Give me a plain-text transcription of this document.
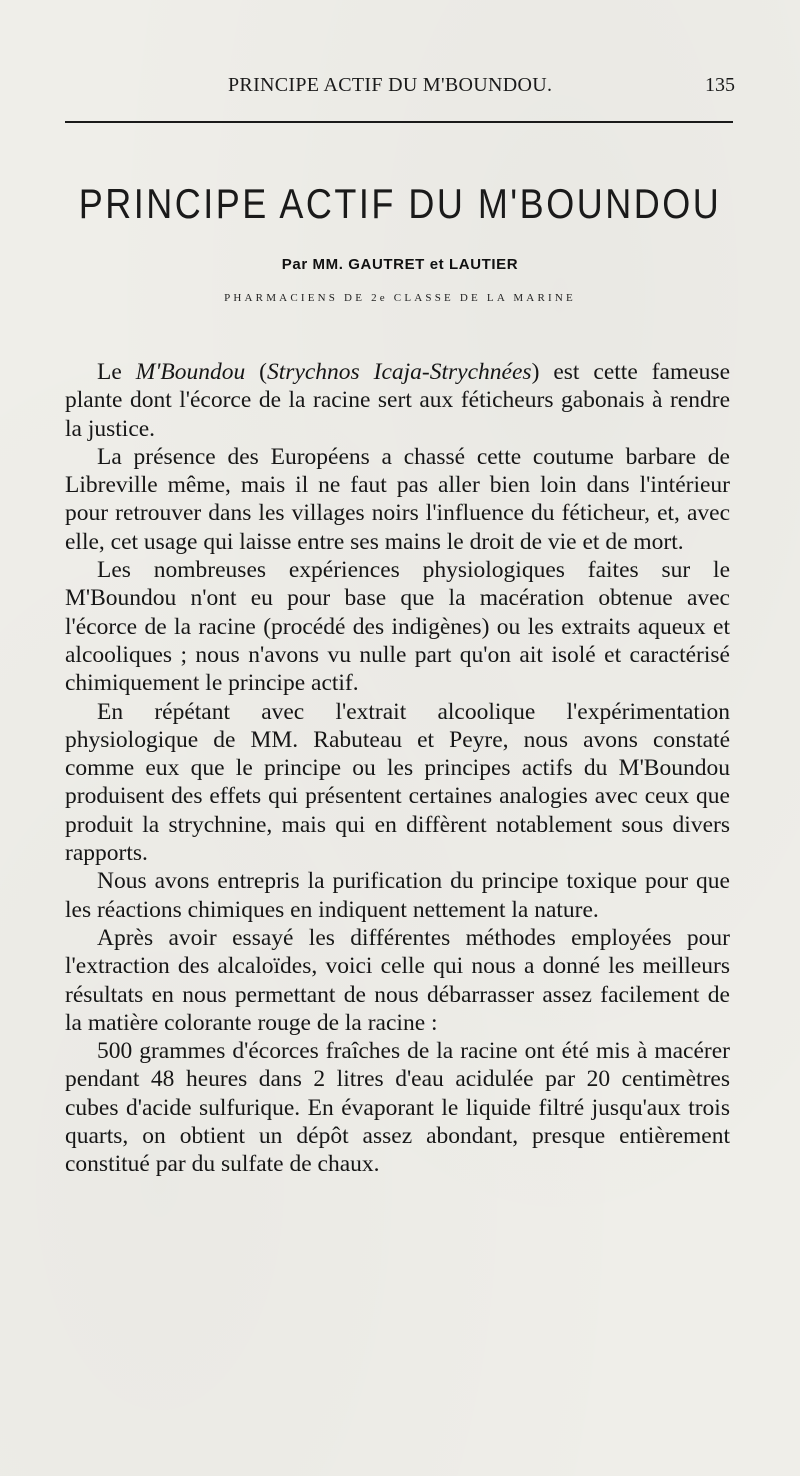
PRINCIPE ACTIF DU M'BOUNDOU.	135
PRINCIPE ACTIF DU M'BOUNDOU
Par MM. GAUTRET et LAUTIER
PHARMACIENS DE 2e CLASSE DE LA MARINE

Le M'Boundou (Strychnos Icaja-Strychnées) est cette fameuse plante dont l'écorce de la racine sert aux féticheurs gabonais à rendre la justice.

La présence des Européens a chassé cette coutume barbare de Libreville même, mais il ne faut pas aller bien loin dans l'intérieur pour retrouver dans les villages noirs l'influence du féticheur, et, avec elle, cet usage qui laisse entre ses mains le droit de vie et de mort.

Les nombreuses expériences physiologiques faites sur le M'Boundou n'ont eu pour base que la macération obtenue avec l'écorce de la racine (procédé des indigènes) ou les extraits aqueux et alcooliques ; nous n'avons vu nulle part qu'on ait isolé et caractérisé chimiquement le principe actif.

En répétant avec l'extrait alcoolique l'expérimentation physiologique de MM. Rabuteau et Peyre, nous avons constaté comme eux que le principe ou les principes actifs du M'Boundou produisent des effets qui présentent certaines analogies avec ceux que produit la strychnine, mais qui en diffèrent notablement sous divers rapports.

Nous avons entrepris la purification du principe toxique pour que les réactions chimiques en indiquent nettement la nature.

Après avoir essayé les différentes méthodes employées pour l'extraction des alcaloïdes, voici celle qui nous a donné les meilleurs résultats en nous permettant de nous débarrasser assez facilement de la matière colorante rouge de la racine :

500 grammes d'écorces fraîches de la racine ont été mis à macérer pendant 48 heures dans 2 litres d'eau acidulée par 20 centimètres cubes d'acide sulfurique. En évaporant le liquide filtré jusqu'aux trois quarts, on obtient un dépôt assez abondant, presque entièrement constitué par du sulfate de chaux.
